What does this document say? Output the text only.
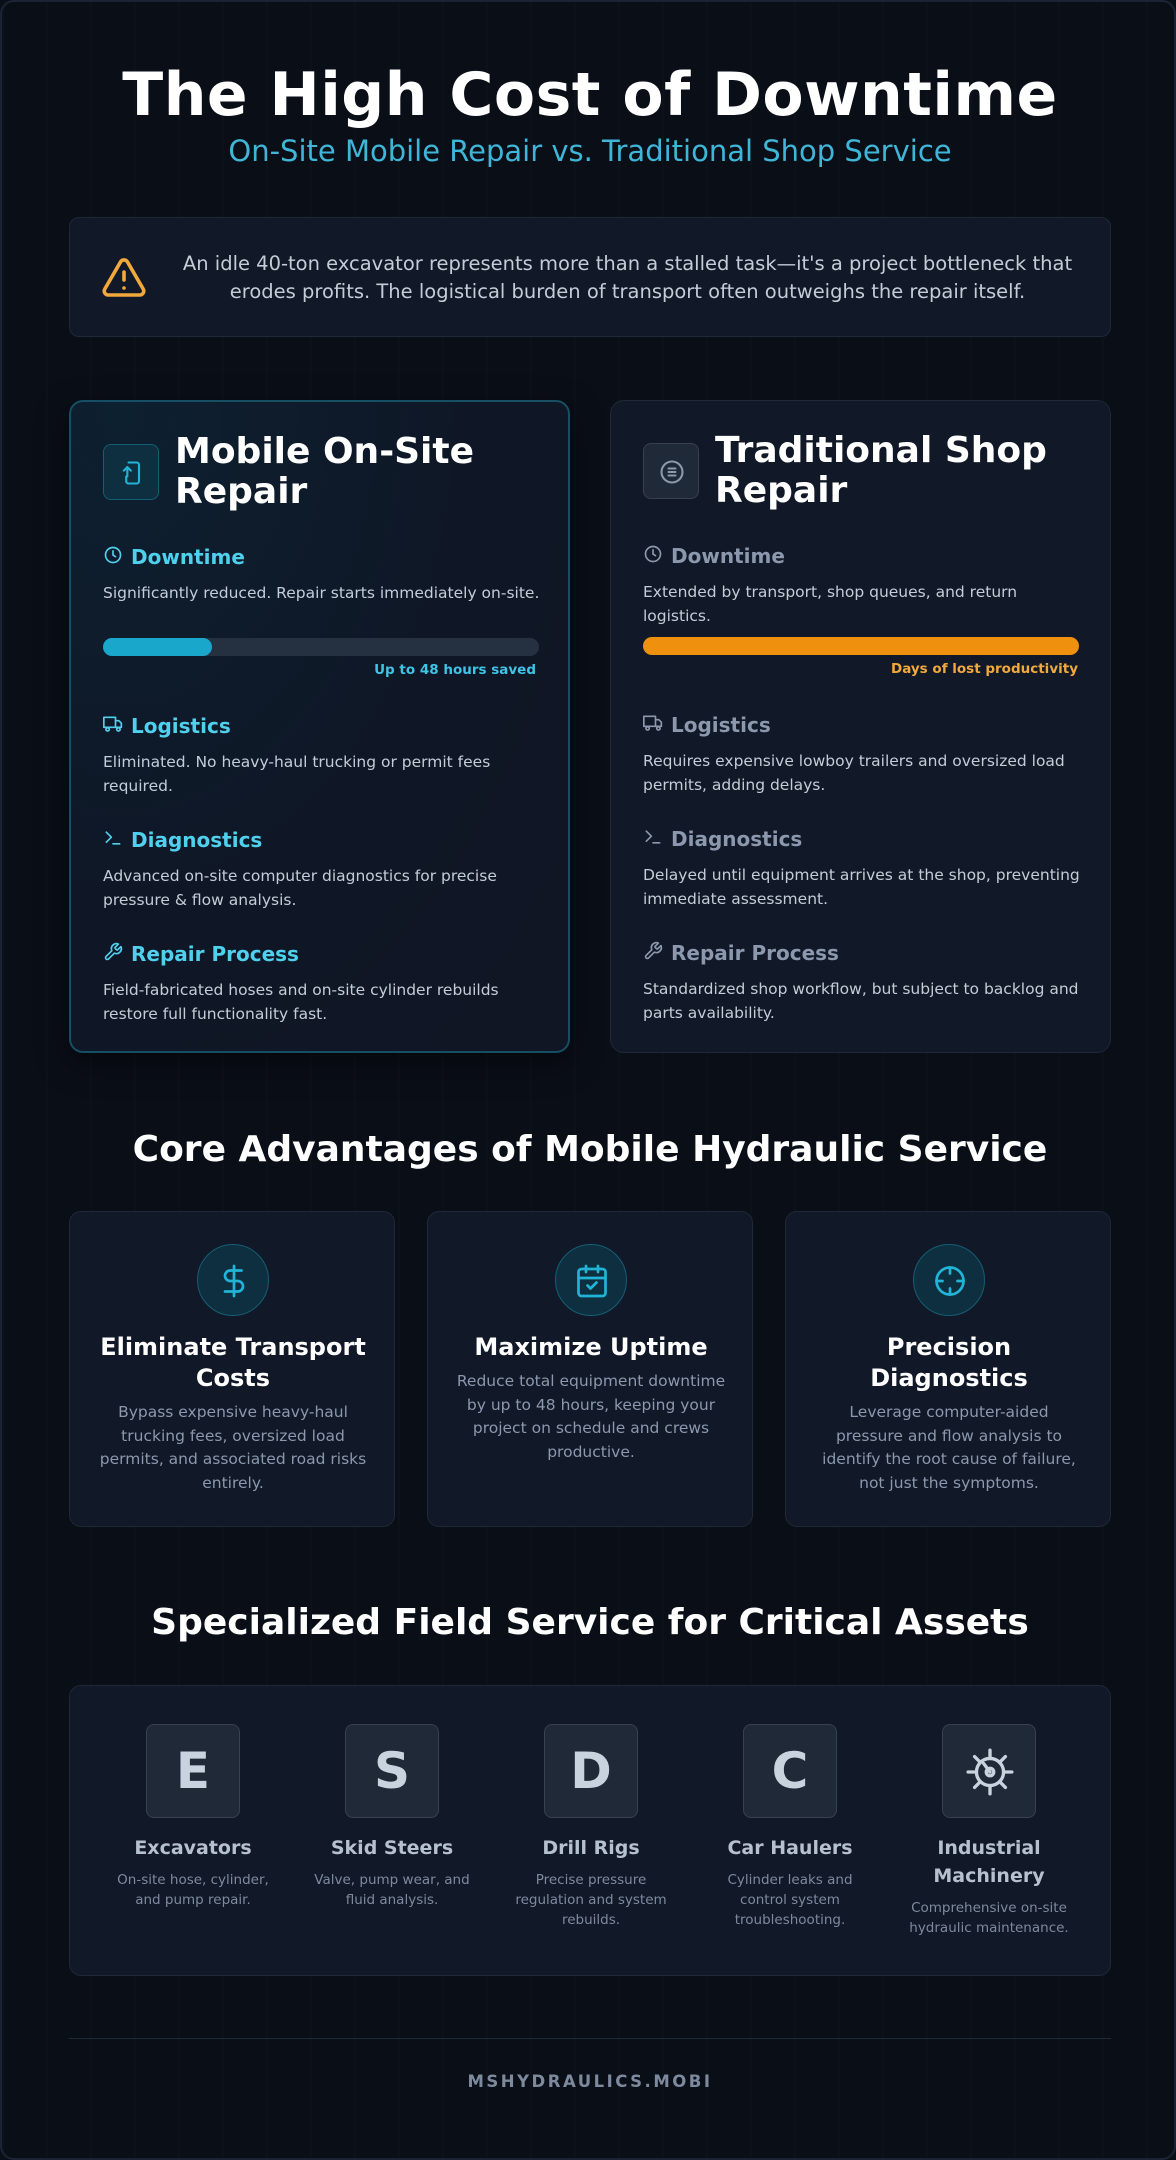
The High Cost of Downtime
On-Site Mobile Repair vs. Traditional Shop Service
An idle 40-ton excavator represents more than a stalled task—it's a project bottleneck that erodes profits. The logistical burden of transport often outweighs the repair itself.
Mobile On-Site Repair
Downtime
Significantly reduced. Repair starts immediately on-site.
Up to 48 hours saved
Logistics
Eliminated. No heavy-haul trucking or permit fees required.
Diagnostics
Advanced on-site computer diagnostics for precise pressure & flow analysis.
Repair Process
Field-fabricated hoses and on-site cylinder rebuilds restore full functionality fast.
Traditional Shop Repair
Downtime
Extended by transport, shop queues, and return logistics.
Days of lost productivity
Logistics
Requires expensive lowboy trailers and oversized load permits, adding delays.
Diagnostics
Delayed until equipment arrives at the shop, preventing immediate assessment.
Repair Process
Standardized shop workflow, but subject to backlog and parts availability.
Core Advantages of Mobile Hydraulic Service
Eliminate Transport Costs
Bypass expensive heavy-haul trucking fees, oversized load permits, and associated road risks entirely.
Maximize Uptime
Reduce total equipment downtime by up to 48 hours, keeping your project on schedule and crews productive.
Precision Diagnostics
Leverage computer-aided pressure and flow analysis to identify the root cause of failure, not just the symptoms.
Specialized Field Service for Critical Assets
E
Excavators
On-site hose, cylinder, and pump repair.
S
Skid Steers
Valve, pump wear, and fluid analysis.
D
Drill Rigs
Precise pressure regulation and system rebuilds.
C
Car Haulers
Cylinder leaks and control system troubleshooting.
Industrial Machinery
Comprehensive on-site hydraulic maintenance.
MSHYDRAULICS.MOBI
